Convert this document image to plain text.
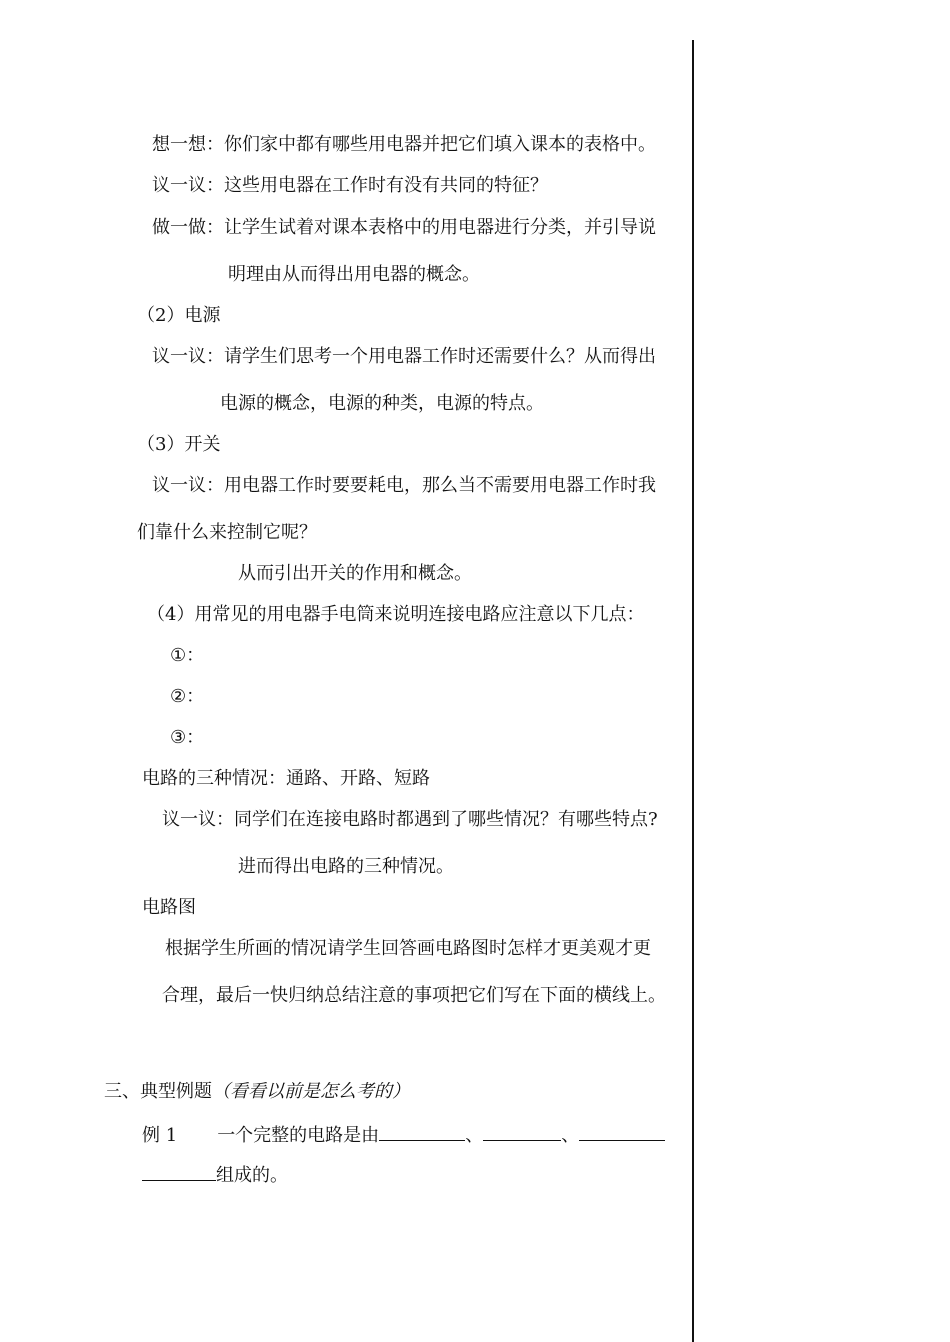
想一想：你们家中都有哪些用电器并把它们填入课本的表格中。
议一议：这些用电器在工作时有没有共同的特征？
做一做：让学生试着对课本表格中的用电器进行分类，并引导说
明理由从而得出用电器的概念。
（2）电源
议一议：请学生们思考一个用电器工作时还需要什么？从而得出
电源的概念，电源的种类，电源的特点。
（3）开关
议一议：用电器工作时要要耗电，那么当不需要用电器工作时我
们靠什么来控制它呢？
从而引出开关的作用和概念。
（4）用常见的用电器手电筒来说明连接电路应注意以下几点：
①：
②：
③：
电路的三种情况：通路、开路、短路
议一议：同学们在连接电路时都遇到了哪些情况？有哪些特点?
进而得出电路的三种情况。
电路图
根据学生所画的情况请学生回答画电路图时怎样才更美观才更
合理，最后一快归纳总结注意的事项把它们写在下面的横线上。
三、典型例题（看看以前是怎么考的）
例 1 一个完整的电路是由	、	、
组成的。
